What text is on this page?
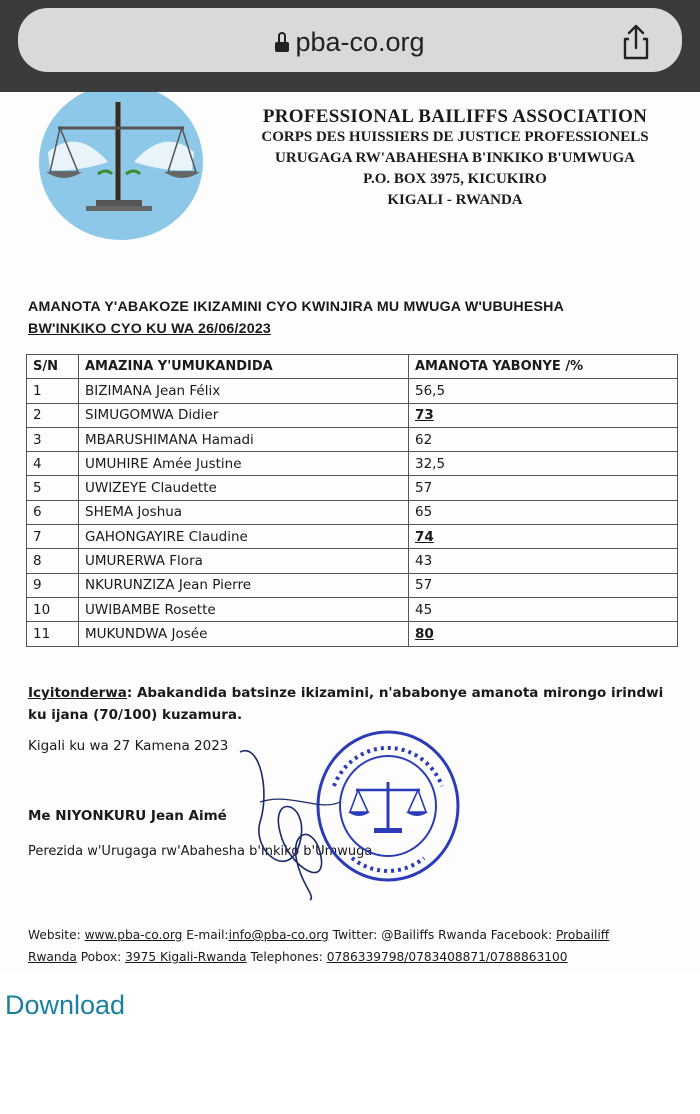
pba-co.org
PROFESSIONAL BAILIFFS ASSOCIATION
CORPS DES HUISSIERS DE JUSTICE PROFESSIONELS
URUGAGA RW'ABAHESHA B'INKIKO B'UMWUGA
P.O. BOX 3975, KICUKIRO
KIGALI - RWANDA
AMANOTA Y'ABAKOZE IKIZAMINI CYO KWINJIRA MU MWUGA W'UBUHESHA
BW'INKIKO CYO KU WA 26/06/2023
S/N	AMAZINA Y'UMUKANDIDA	AMANOTA YABONYE /%
1	BIZIMANA Jean Félix	56,5
2	SIMUGOMWA Didier	73
3	MBARUSHIMANA Hamadi	62
4	UMUHIRE Amée Justine	32,5
5	UWIZEYE Claudette	57
6	SHEMA Joshua	65
7	GAHONGAYIRE Claudine	74
8	UMURERWA Flora	43
9	NKURUNZIZA Jean Pierre	57
10	UWIBAMBE Rosette	45
11	MUKUNDWA Josée	80
Icyitonderwa: Abakandida batsinze ikizamini, n'ababonye amanota mirongo irindwi
ku ijana (70/100) kuzamura.
Kigali ku wa 27 Kamena 2023
Me NIYONKURU Jean Aimé
Perezida w'Urugaga rw'Abahesha b'Inkiko b'Umwuga
Website: www.pba-co.org E-mail:info@pba-co.org Twitter: @Bailiffs Rwanda Facebook: Probailiff
Rwanda Pobox: 3975 Kigali-Rwanda Telephones: 0786339798/0783408871/0788863100
Download
